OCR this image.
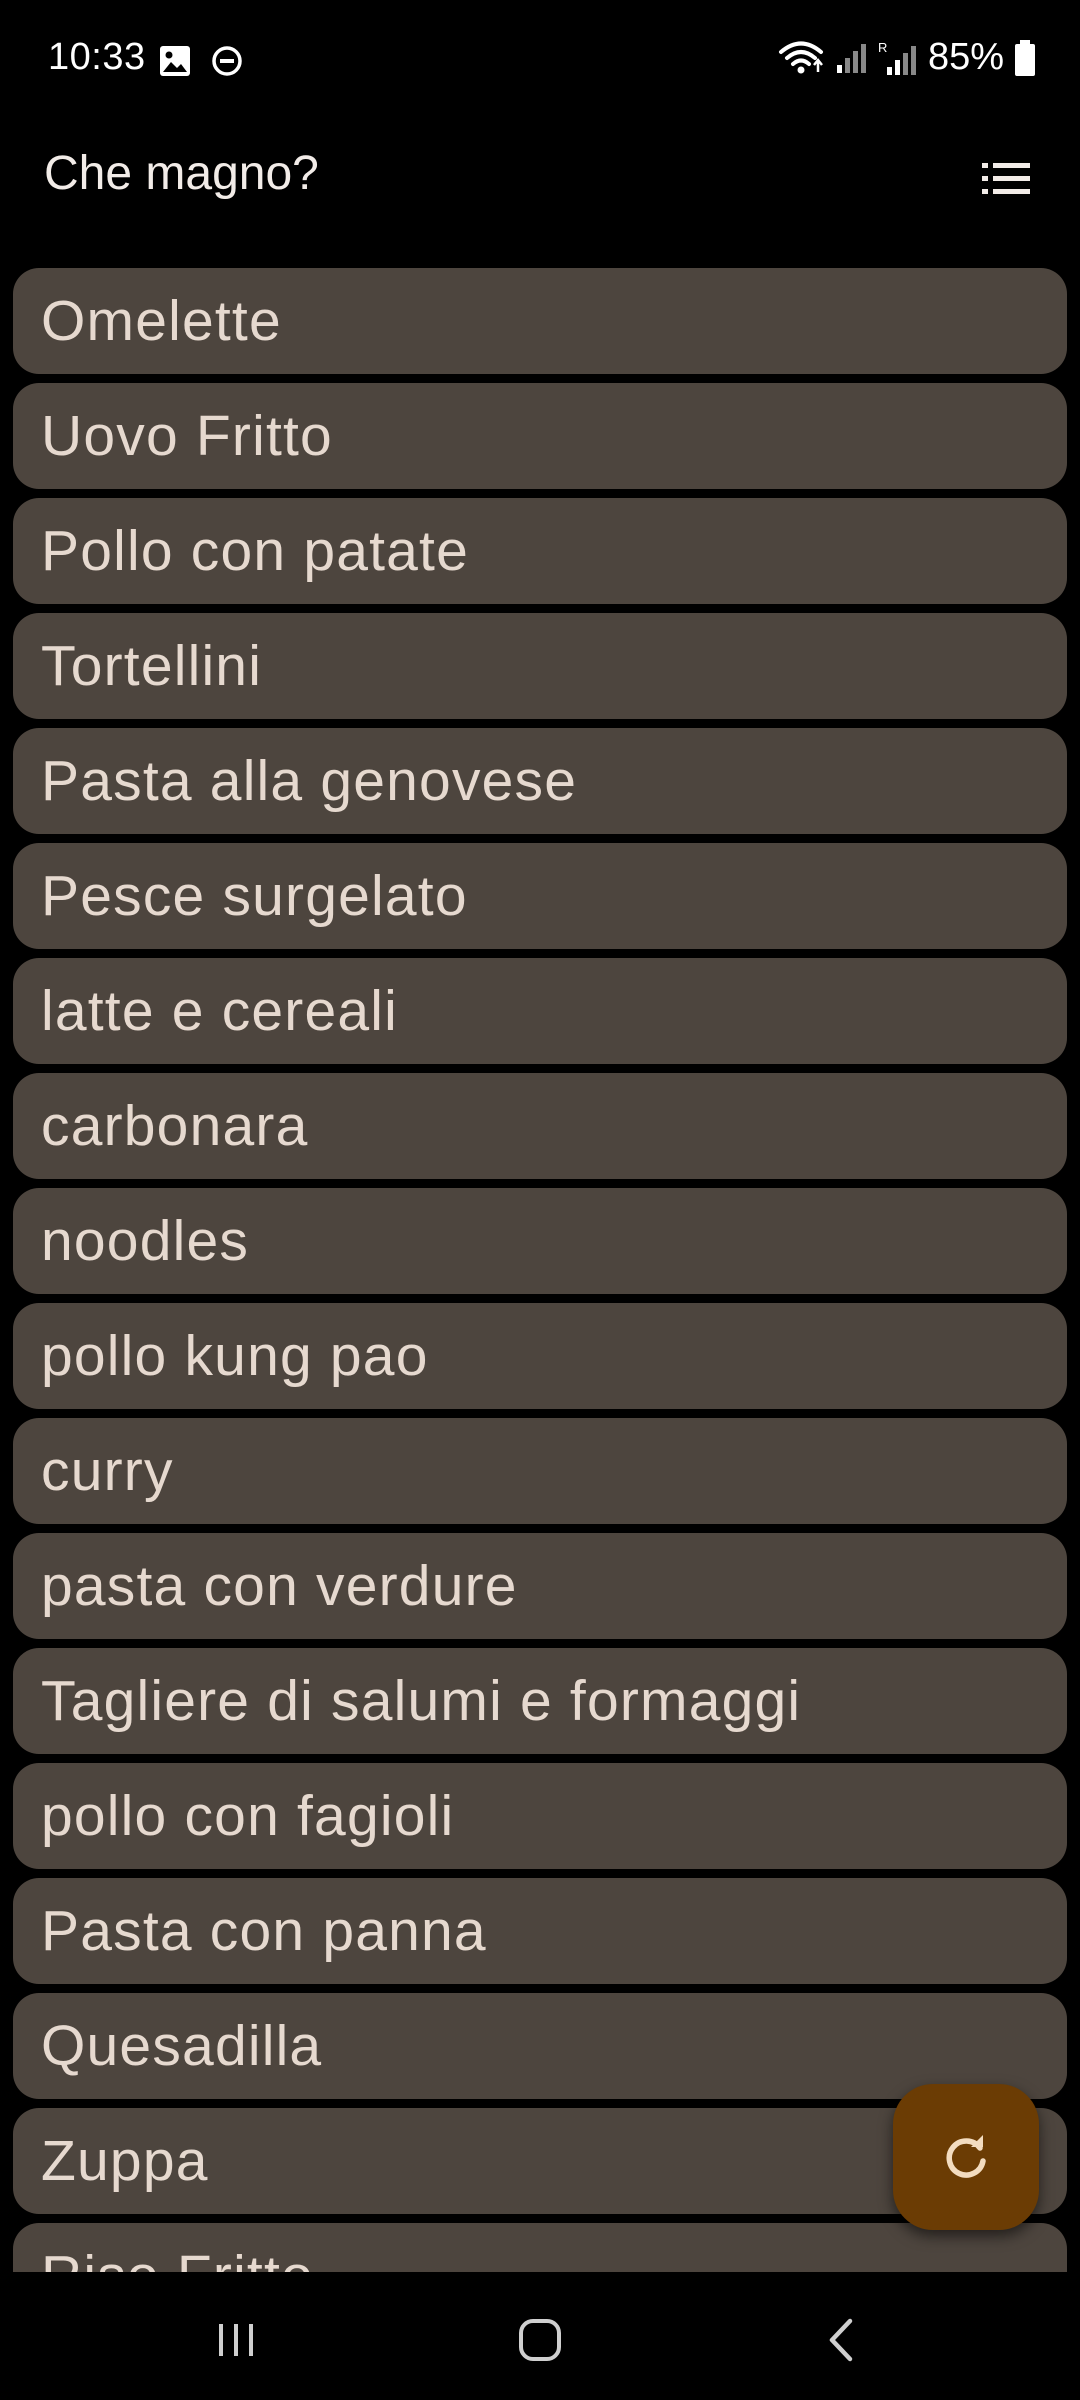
10:33	R 85%
Che magno?
Omelette
Uovo Fritto
Pollo con patate
Tortellini
Pasta alla genovese
Pesce surgelato
latte e cereali
carbonara
noodles
pollo kung pao
curry
pasta con verdure
Tagliere di salumi e formaggi
pollo con fagioli
Pasta con panna
Quesadilla
Zuppa
